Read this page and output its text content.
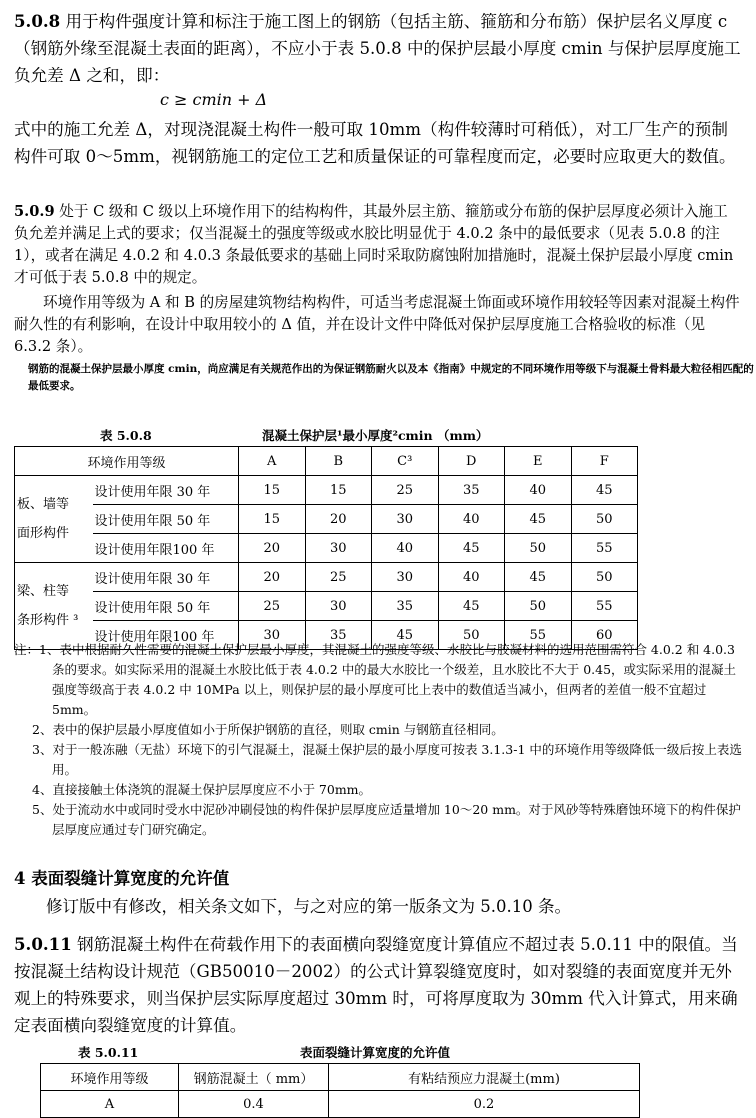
5.0.8 用于构件强度计算和标注于施工图上的钢筋（包括主筋、箍筋和分布筋）保护层名义厚度 c（钢筋外缘至混凝土表面的距离），不应小于表 5.0.8 中的保护层最小厚度 cmin 与保护层厚度施工负允差 Δ 之和，即：
c ≥ cmin + Δ
式中的施工允差 Δ，对现浇混凝土构件一般可取 10mm（构件较薄时可稍低），对工厂生产的预制构件可取 0～5mm，视钢筋施工的定位工艺和质量保证的可靠程度而定，必要时应取更大的数值。
5.0.9 处于 C 级和 C 级以上环境作用下的结构构件，其最外层主筋、箍筋或分布筋的保护层厚度必须计入施工负允差并满足上式的要求；仅当混凝土的强度等级或水胶比明显优于 4.0.2 条中的最低要求（见表 5.0.8 的注 1），或者在满足 4.0.2 和 4.0.3 条最低要求的基础上同时采取防腐蚀附加措施时，混凝土保护层最小厚度 cmin 才可低于表 5.0.8 中的规定。
环境作用等级为 A 和 B 的房屋建筑物结构构件，可适当考虑混凝土饰面或环境作用较轻等因素对混凝土构件耐久性的有利影响，在设计中取用较小的 Δ 值，并在设计文件中降低对保护层厚度施工合格验收的标准（见 6.3.2 条）。
钢筋的混凝土保护层最小厚度 cmin，尚应满足有关规范作出的为保证钢筋耐火以及本《指南》中规定的不同环境作用等级下与混凝土骨料最大粒径相匹配的最低要求。
表 5.0.8	混凝土保护层¹最小厚度²cmin （mm）
环境作用等级		A	B	C³	D	E	F

板、墙等
面形构件	设计使用年限 30 年	15	15	25	35	40	45
	设计使用年限 50 年	15	20	30	40	45	50
	设计使用年限100 年	20	30	40	45	50	55

梁、柱等
条形构件 ³	设计使用年限 30 年	20	25	30	40	45	50
	设计使用年限 50 年	25	30	35	45	50	55
	设计使用年限100 年	30	35	45	50	55	60
注：1、表中根据耐久性需要的混凝土保护层最小厚度，其混凝土的强度等级、水胶比与胶凝材料的选用范围需符合 4.0.2 和 4.0.3 条的要求。如实际采用的混凝土水胶比低于表 4.0.2 中的最大水胶比一个级差，且水胶比不大于 0.45，或实际采用的混凝土强度等级高于表 4.0.2 中 10MPa 以上，则保护层的最小厚度可比上表中的数值适当减小，但两者的差值一般不宜超过 5mm。
2、表中的保护层最小厚度值如小于所保护钢筋的直径，则取 cmin 与钢筋直径相同。
3、对于一般冻融（无盐）环境下的引气混凝土，混凝土保护层的最小厚度可按表 3.1.3-1 中的环境作用等级降低一级后按上表选用。
4、直接接触土体浇筑的混凝土保护层厚度应不小于 70mm。
5、处于流动水中或同时受水中泥砂冲刷侵蚀的构件保护层厚度应适量增加 10～20 mm。对于风砂等特殊磨蚀环境下的构件保护层厚度应通过专门研究确定。
4 表面裂缝计算宽度的允许值
修订版中有修改，相关条文如下，与之对应的第一版条文为 5.0.10 条。
5.0.11 钢筋混凝土构件在荷载作用下的表面横向裂缝宽度计算值应不超过表 5.0.11 中的限值。当按混凝土结构设计规范（GB50010－2002）的公式计算裂缝宽度时，如对裂缝的表面宽度并无外观上的特殊要求，则当保护层实际厚度超过 30mm 时，可将厚度取为 30mm 代入计算式，用来确定表面横向裂缝宽度的计算值。
表 5.0.11	表面裂缝计算宽度的允许值
环境作用等级	钢筋混凝土（ mm）	有粘结预应力混凝土(mm)
A	0.4	0.2
